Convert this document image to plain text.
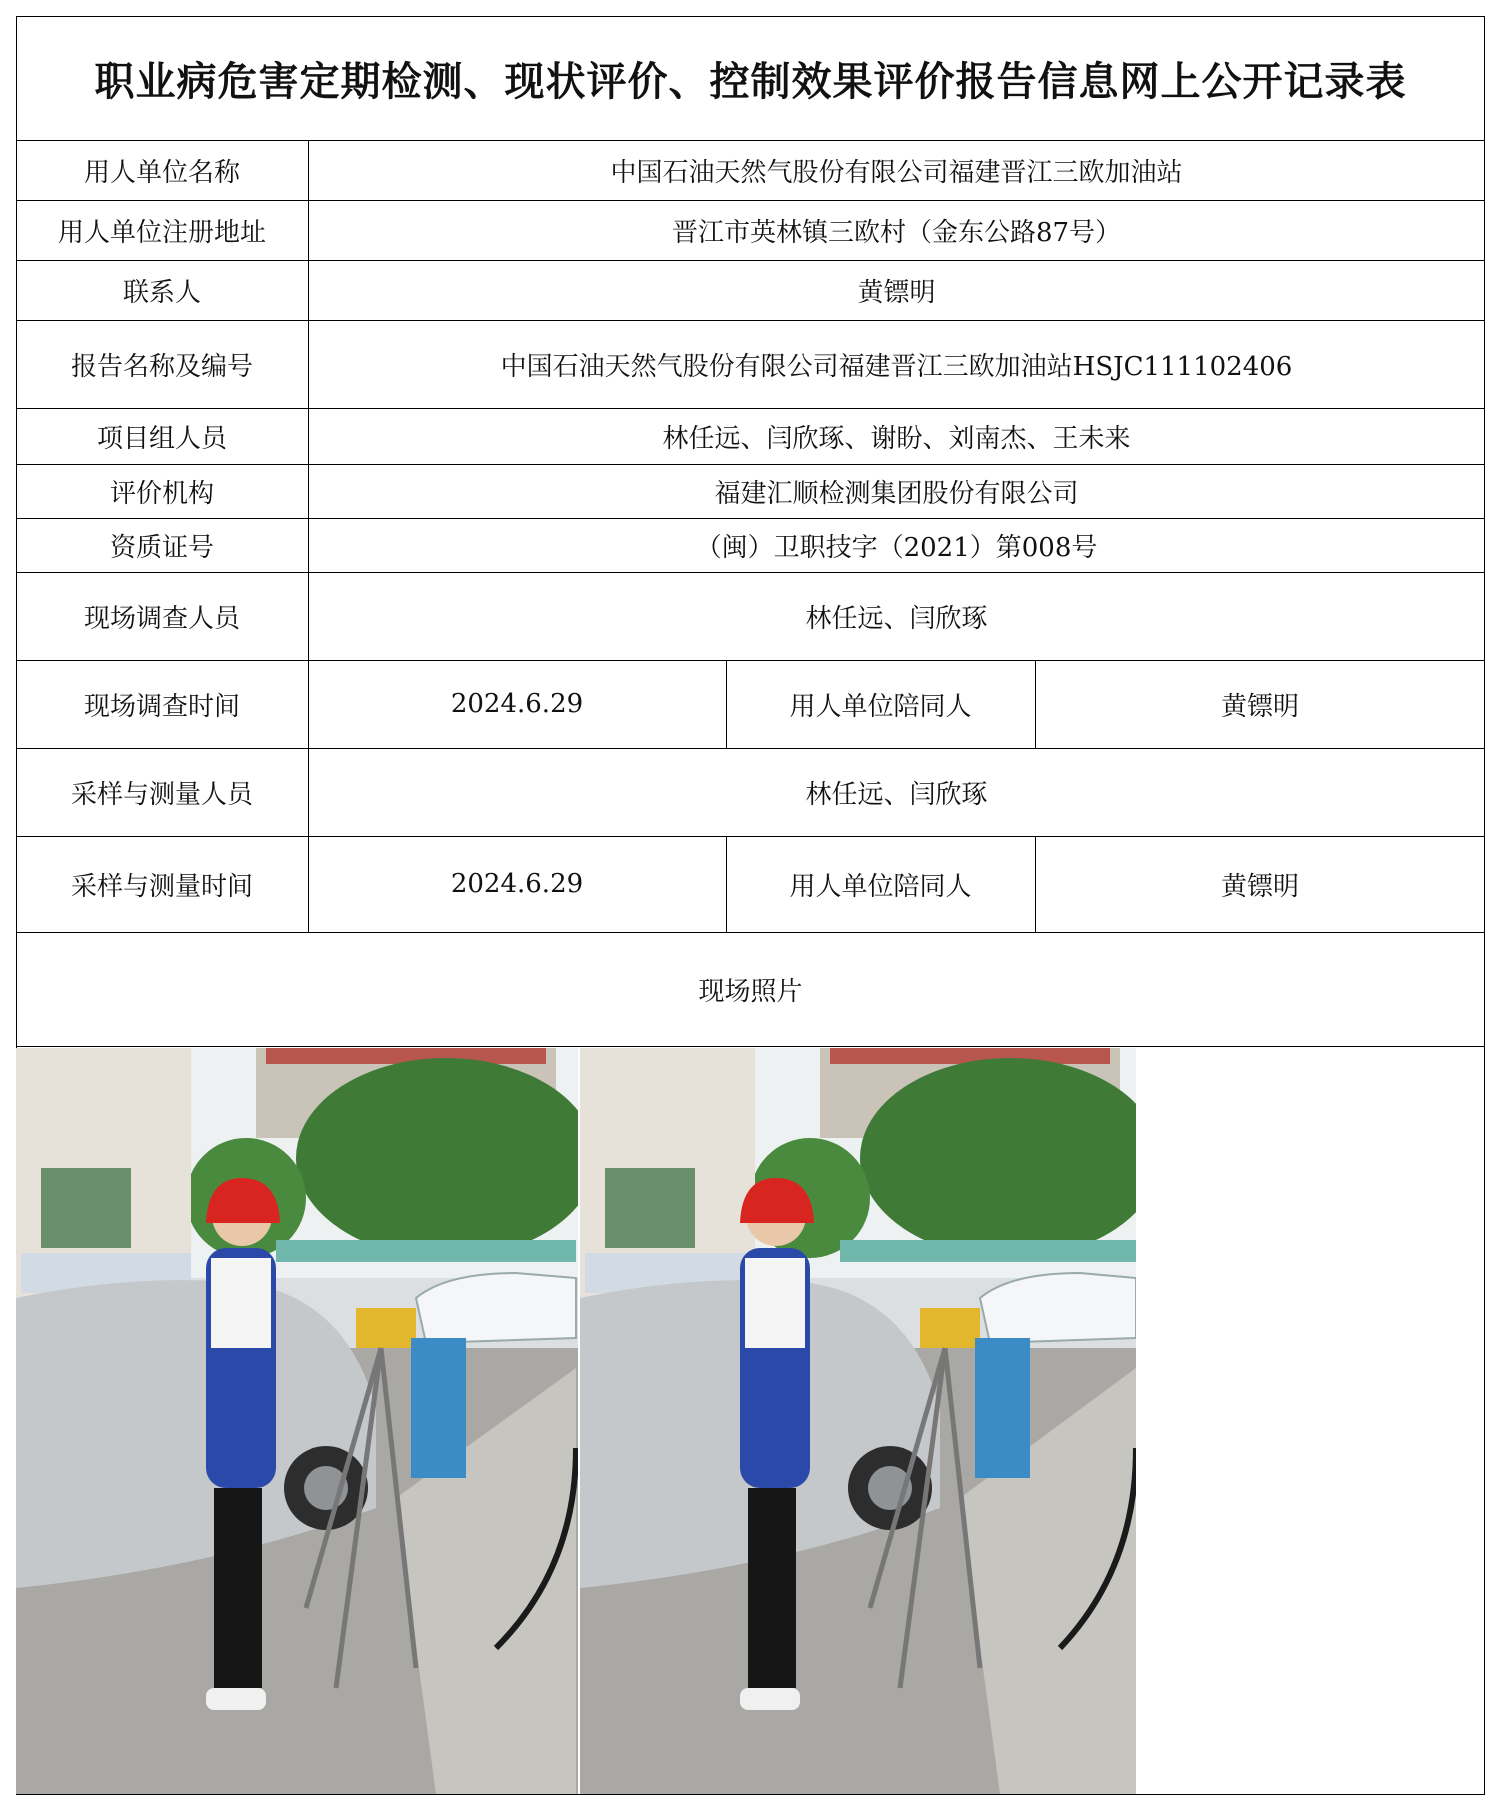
职业病危害定期检测、现状评价、控制效果评价报告信息网上公开记录表
用人单位名称	中国石油天然气股份有限公司福建晋江三欧加油站
用人单位注册地址	晋江市英林镇三欧村（金东公路87号）
联系人	黄镖明
报告名称及编号	中国石油天然气股份有限公司福建晋江三欧加油站HSJC111102406
项目组人员	林任远、闫欣琢、谢盼、刘南杰、王未来
评价机构	福建汇顺检测集团股份有限公司
资质证号	（闽）卫职技字（2021）第008号
现场调查人员	林任远、闫欣琢
现场调查时间	2024.6.29	用人单位陪同人	黄镖明
采样与测量人员	林任远、闫欣琢
采样与测量时间	2024.6.29	用人单位陪同人	黄镖明
现场照片
